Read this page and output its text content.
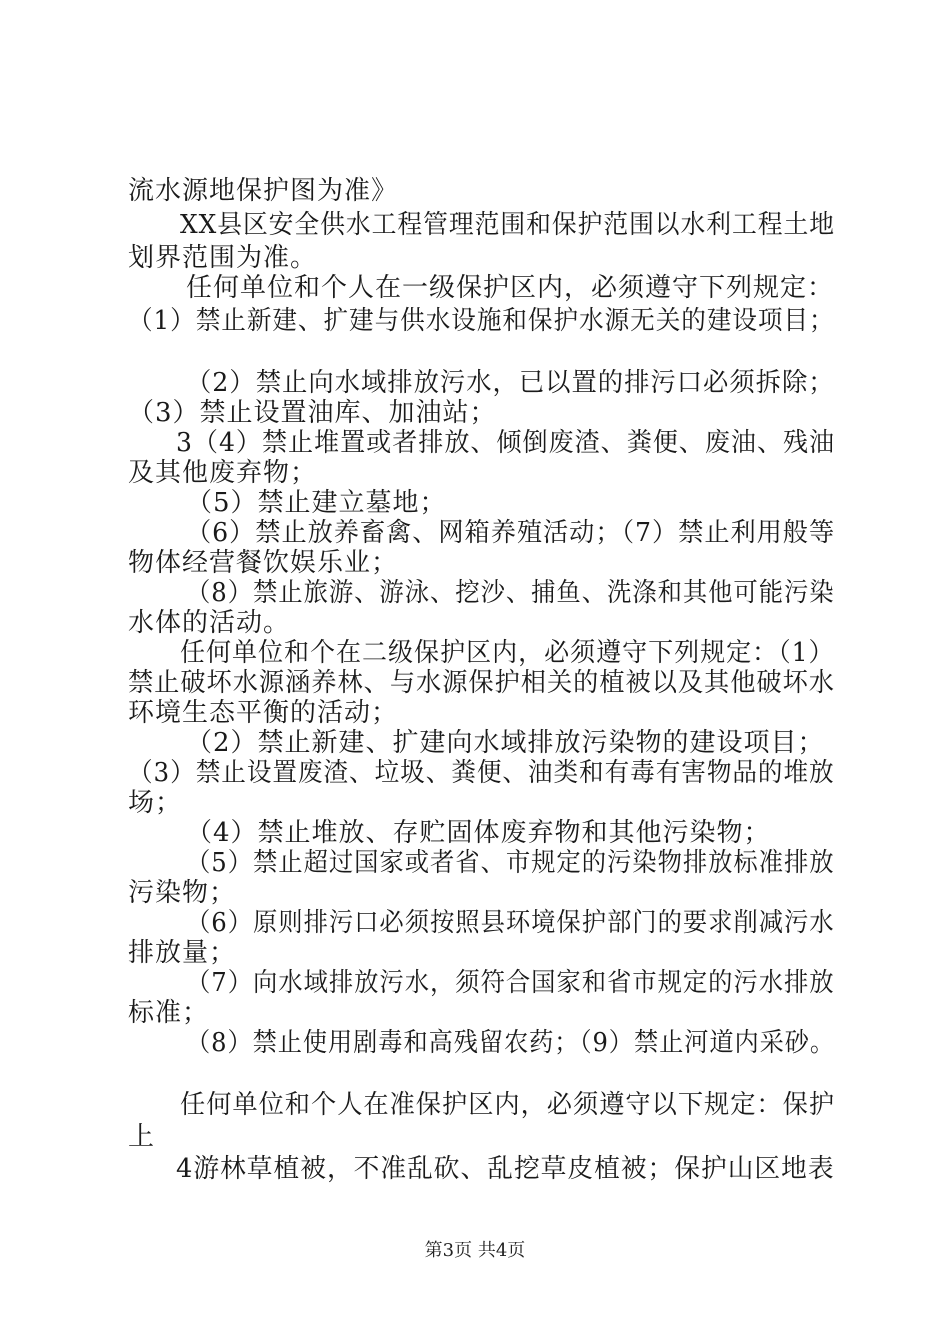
流水源地保护图为准》
XX县区安全供水工程管理范围和保护范围以水利工程土地
划界范围为准。
任何单位和个人在一级保护区内，必须遵守下列规定：
（1）禁止新建、扩建与供水设施和保护水源无关的建设项目；
（2）禁止向水域排放污水，已以置的排污口必须拆除；
（3）禁止设置油库、加油站；
3（4）禁止堆置或者排放、倾倒废渣、粪便、废油、残油
及其他废弃物；
（5）禁止建立墓地；
（6）禁止放养畜禽、网箱养殖活动；（7）禁止利用般等
物体经营餐饮娱乐业；
（8）禁止旅游、游泳、挖沙、捕鱼、洗涤和其他可能污染
水体的活动。
任何单位和个在二级保护区内，必须遵守下列规定：（1）
禁止破坏水源涵养林、与水源保护相关的植被以及其他破坏水
环境生态平衡的活动；
（2）禁止新建、扩建向水域排放污染物的建设项目；
（3）禁止设置废渣、垃圾、粪便、油类和有毒有害物品的堆放
场；
（4）禁止堆放、存贮固体废弃物和其他污染物；
（5）禁止超过国家或者省、市规定的污染物排放标准排放
污染物；
（6）原则排污口必须按照县环境保护部门的要求削减污水
排放量；
（7）向水域排放污水，须符合国家和省市规定的污水排放
标准；
（8）禁止使用剧毒和高残留农药；（9）禁止河道内采砂。
任何单位和个人在准保护区内，必须遵守以下规定：保护
上
4游林草植被，不准乱砍、乱挖草皮植被；保护山区地表
第3页 共4页
